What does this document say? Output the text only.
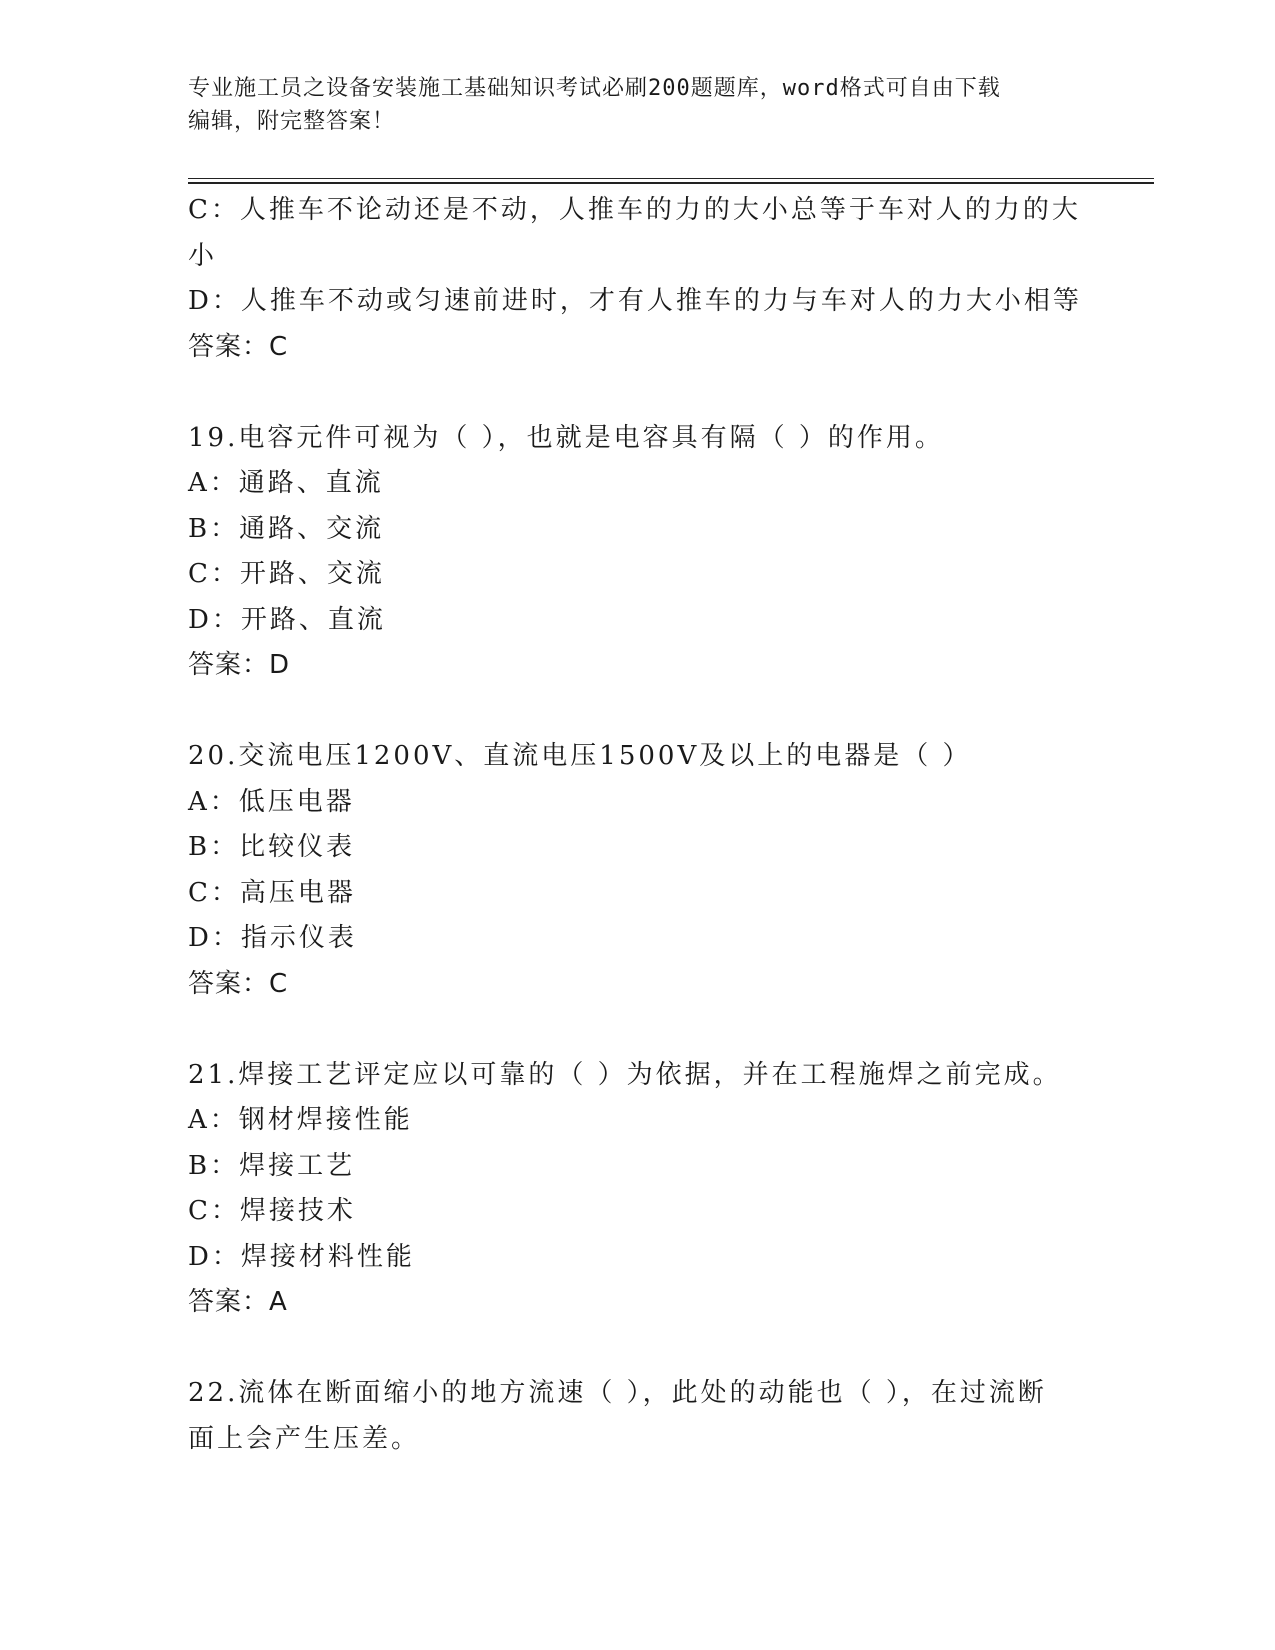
专业施工员之设备安装施工基础知识考试必刷200题题库，word格式可自由下载
编辑，附完整答案！
C：人推车不论动还是不动，人推车的力的大小总等于车对人的力的大
小
D：人推车不动或匀速前进时，才有人推车的力与车对人的力大小相等
答案：C
19.电容元件可视为（ ），也就是电容具有隔（ ）的作用。
A：通路、直流
B：通路、交流
C：开路、交流
D：开路、直流
答案：D
20.交流电压1200V、直流电压1500V及以上的电器是（ ）
A：低压电器
B：比较仪表
C：高压电器
D：指示仪表
答案：C
21.焊接工艺评定应以可靠的（ ）为依据，并在工程施焊之前完成。
A：钢材焊接性能
B：焊接工艺
C：焊接技术
D：焊接材料性能
答案：A
22.流体在断面缩小的地方流速（ ），此处的动能也（ ），在过流断
面上会产生压差。
